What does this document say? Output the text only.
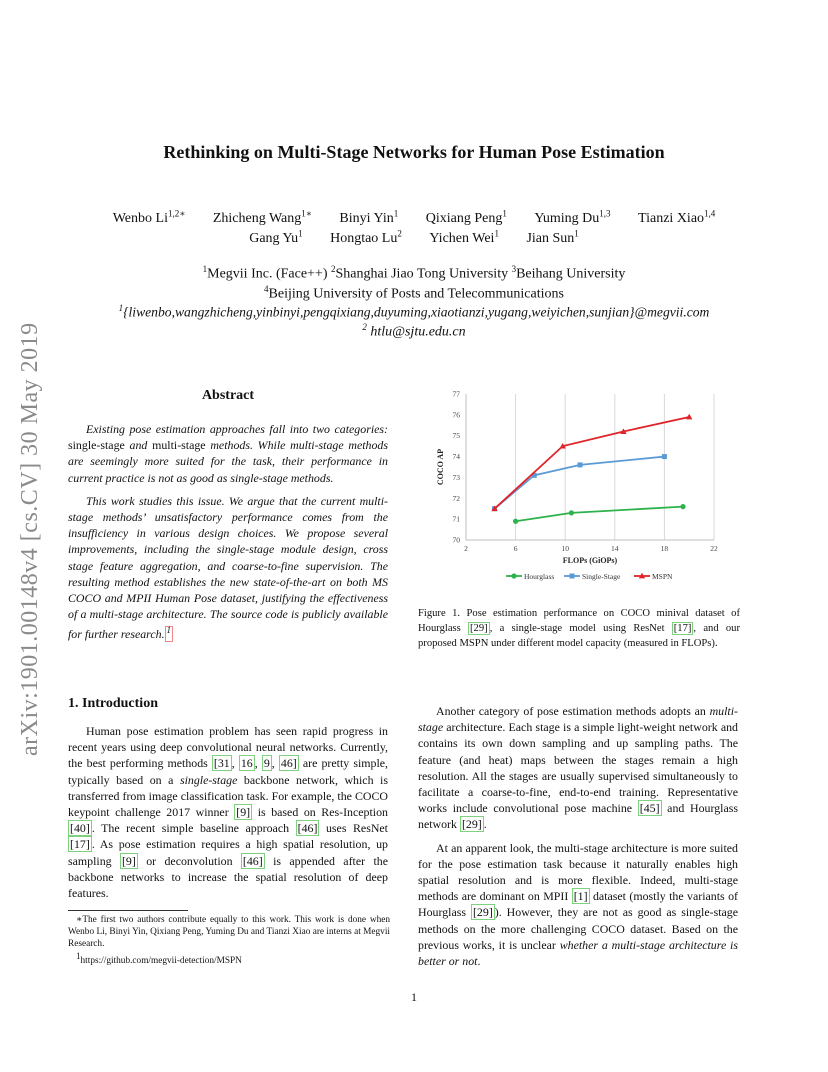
arXiv:1901.00148v4 [cs.CV] 30 May 2019
Rethinking on Multi-Stage Networks for Human Pose Estimation
Wenbo $Li^{1,2∗}$ Zhicheng Wang$^{1∗}$ Binyi Yin$^1$ Qixiang Peng$^1$ Yuming Du$^{1,3}$ Tianzi Xiao$^{1,4}$
Gang Yu$^1$ Hongtao Lu$^2$ Yichen Wei$^1$ Jian Sun$^1$
$^1$Megvii Inc. (Face++) $^2$Shanghai Jiao Tong University $^3$Beihang University
$^4$Beijing University of Posts and Telecommunications
$^1${liwenbo,wangzhicheng,yinbinyi,pengqixiang,duyuming,xiaotianzi,yugang,weiyichen,sunjian}@megvii.com
$^2$ htlu@sjtu.edu.cn
Abstract

Existing pose estimation approaches fall into two categories: single-stage and multi-stage methods. While multi-stage methods are seemingly more suited for the task, their performance in current practice is not as good as single-stage methods.

This work studies this issue. We argue that the current multi-stage methods’ unsatisfactory performance comes from the insufficiency in various design choices. We propose several improvements, including the single-stage module design, cross stage feature aggregation, and coarse-to-fine supervision. The resulting method establishes the new state-of-the-art on both MS COCO and MPII Human Pose dataset, justifying the effectiveness of a multi-stage architecture. The source code is publicly available for further research. $^1$

1. Introduction

Human pose estimation problem has seen rapid progress in recent years using deep convolutional neural networks. Currently, the best performing methods [31 , 16 , 9 , 46] are pretty simple, typically based on a single-stage backbone network, which is transferred from image classification task. For example, the COCO keypoint challenge 2017 winner [9] is based on Res-Inception [40] . The recent simple baseline approach [46] uses ResNet [17] . As pose estimation requires a high spatial resolution, up sampling [9] or deconvolution [46] is appended after the backbone networks to increase the spatial resolution of deep features.

∗The first two authors contribute equally to this work. This work is done when Wenbo Li, Binyi Yin, Qixiang Peng, Yuming Du and Tianzi Xiao are interns at Megvii Research.

$^1$https://github.com/megvii-detection/MSPN

2	6	10	14	18	22
70
71
72
73
74
75
76
77
FLOPs (GiOPs)
COCO AP
Hourglass	Single-Stage	MSPN
Figure 1. Pose estimation performance on COCO minival dataset of Hourglass [29] , a single-stage model using ResNet [17] , and our proposed MSPN under different model capacity (measured in FLOPs).

Another category of pose estimation methods adopts an multi-stage architecture. Each stage is a simple light-weight network and contains its own down sampling and up sampling paths. The feature (and heat) maps between the stages remain a high resolution. All the stages are usually supervised simultaneously to facilitate a coarse-to-fine, end-to-end training. Representative works include convolutional pose machine [45] and Hourglass network [29] .

At an apparent look, the multi-stage architecture is more suited for the pose estimation task because it naturally enables high spatial resolution and is more flexible. Indeed, multi-stage methods are dominant on MPII [1] dataset (mostly the variants of Hourglass [29] ). However, they are not as good as single-stage methods on the more challenging COCO dataset. Based on the previous works, it is unclear whether a multi-stage architecture is better or not.

1
